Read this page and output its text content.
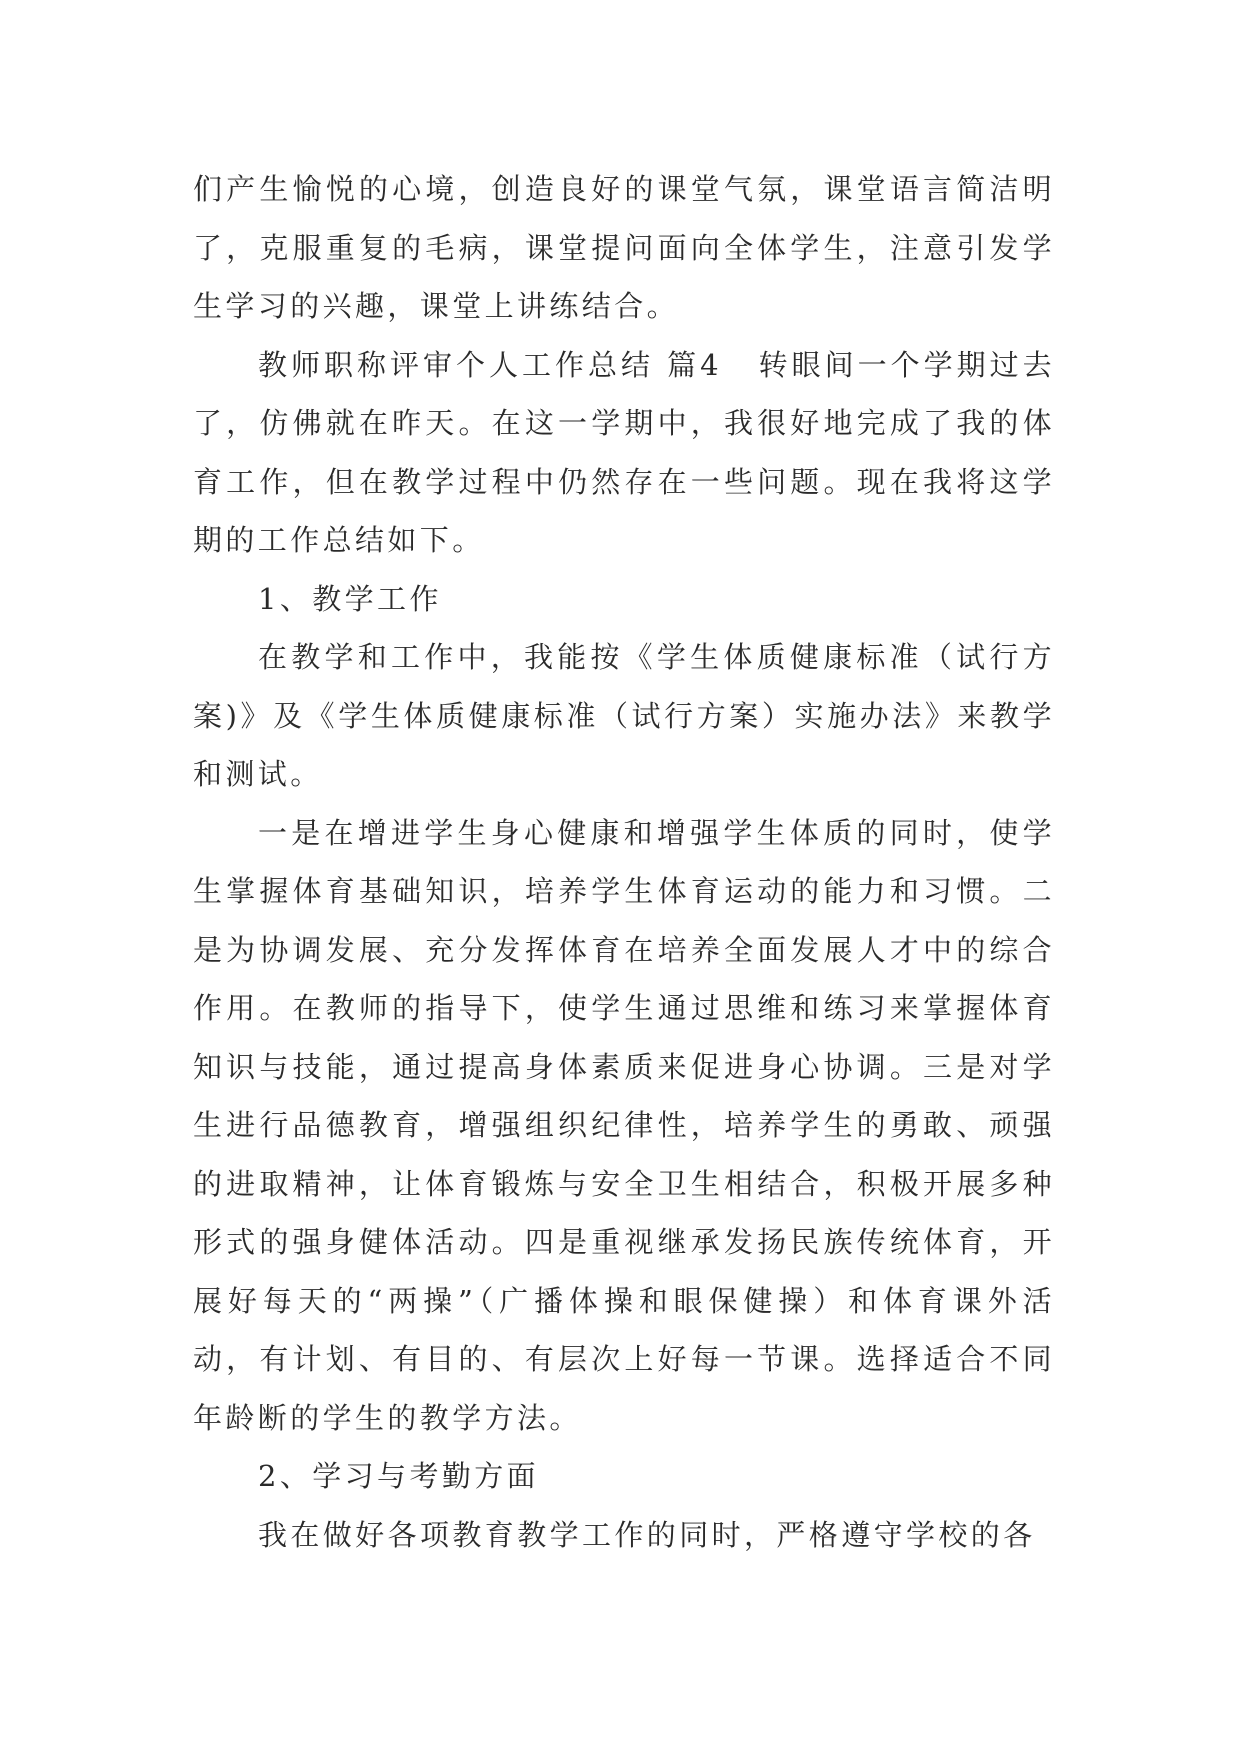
们产生愉悦的心境，创造良好的课堂气氛，课堂语言简洁明了，克服重复的毛病，课堂提问面向全体学生，注意引发学生学习的兴趣，课堂上讲练结合。

教师职称评审个人工作总结 篇4 转眼间一个学期过去了，仿佛就在昨天。在这一学期中，我很好地完成了我的体育工作，但在教学过程中仍然存在一些问题。现在我将这学期的工作总结如下。

1、教学工作

在教学和工作中，我能按《学生体质健康标准（试行方案)》及《学生体质健康标准（试行方案）实施办法》来教学和测试。

一是在增进学生身心健康和增强学生体质的同时，使学生掌握体育基础知识，培养学生体育运动的能力和习惯。二是为协调发展、充分发挥体育在培养全面发展人才中的综合作用。在教师的指导下，使学生通过思维和练习来掌握体育知识与技能，通过提高身体素质来促进身心协调。三是对学生进行品德教育，增强组织纪律性，培养学生的勇敢、顽强的进取精神，让体育锻炼与安全卫生相结合，积极开展多种形式的强身健体活动。四是重视继承发扬民族传统体育，开展好每天的“两操”（广播体操和眼保健操）和体育课外活动，有计划、有目的、有层次上好每一节课。选择适合不同年龄断的学生的教学方法。

2、学习与考勤方面

我在做好各项教育教学工作的同时，严格遵守学校的各
